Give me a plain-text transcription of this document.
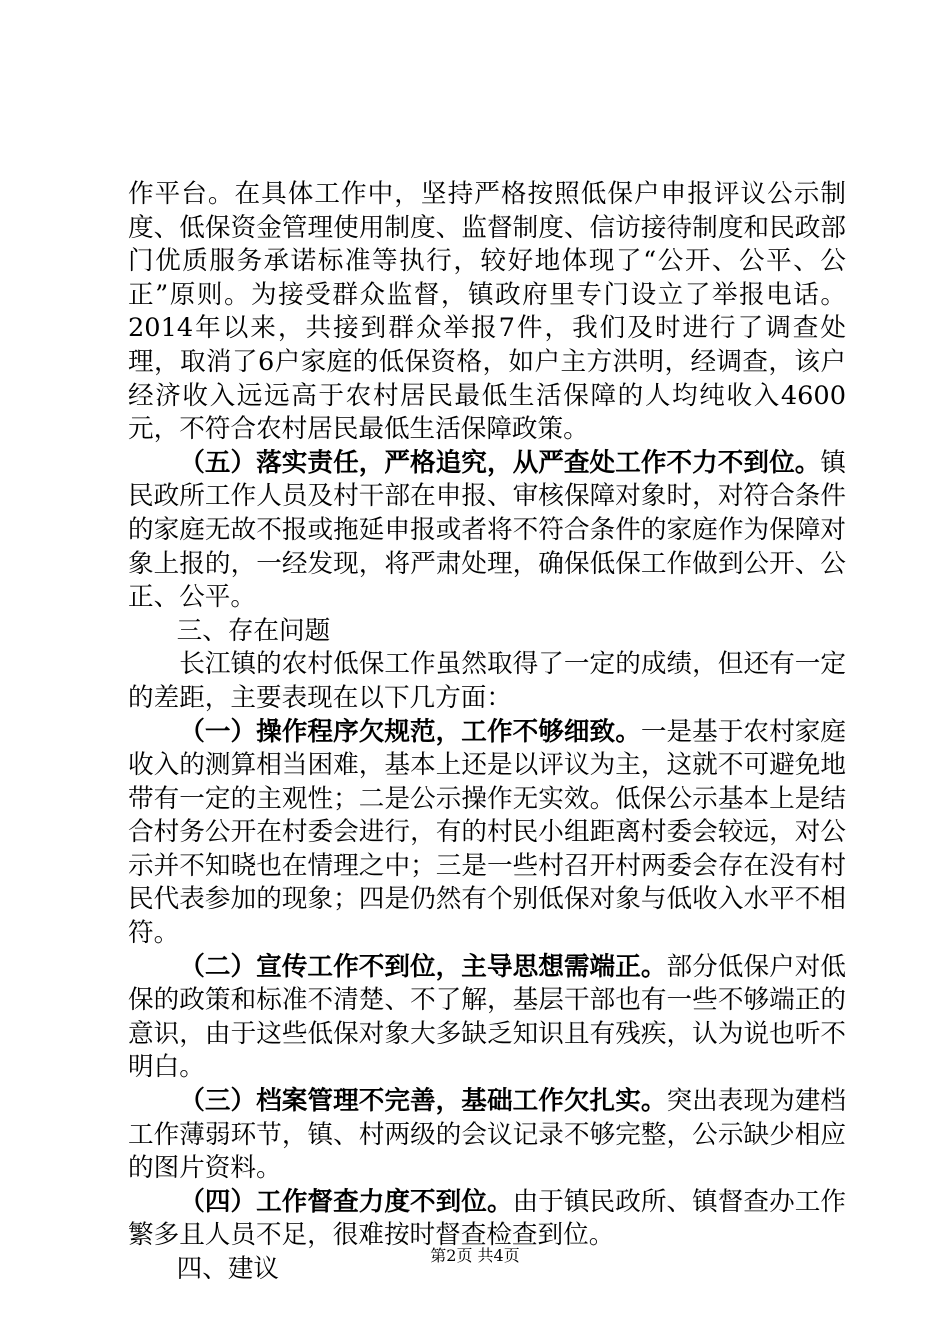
作平台。在具体工作中，坚持严格按照低保户申报评议公示制度、低保资金管理使用制度、监督制度、信访接待制度和民政部门优质服务承诺标准等执行，较好地体现了“公开、公平、公正”原则。为接受群众监督，镇政府里专门设立了举报电话。2014年以来，共接到群众举报7件，我们及时进行了调查处理，取消了6户家庭的低保资格，如户主方洪明，经调查，该户经济收入远远高于农村居民最低生活保障的人均纯收入4600元，不符合农村居民最低生活保障政策。

（五）落实责任，严格追究，从严查处工作不力不到位。镇民政所工作人员及村干部在申报、审核保障对象时，对符合条件的家庭无故不报或拖延申报或者将不符合条件的家庭作为保障对象上报的，一经发现，将严肃处理，确保低保工作做到公开、公正、公平。

三、存在问题

长江镇的农村低保工作虽然取得了一定的成绩，但还有一定的差距，主要表现在以下几方面：

（一）操作程序欠规范，工作不够细致。一是基于农村家庭收入的测算相当困难，基本上还是以评议为主，这就不可避免地带有一定的主观性；二是公示操作无实效。低保公示基本上是结合村务公开在村委会进行，有的村民小组距离村委会较远，对公示并不知晓也在情理之中；三是一些村召开村两委会存在没有村民代表参加的现象；四是仍然有个别低保对象与低收入水平不相符。

（二）宣传工作不到位，主导思想需端正。部分低保户对低保的政策和标准不清楚、不了解，基层干部也有一些不够端正的意识，由于这些低保对象大多缺乏知识且有残疾，认为说也听不明白。

（三）档案管理不完善，基础工作欠扎实。突出表现为建档工作薄弱环节，镇、村两级的会议记录不够完整，公示缺少相应的图片资料。

（四）工作督查力度不到位。由于镇民政所、镇督查办工作繁多且人员不足，很难按时督查检查到位。

四、建议	第2页 共4页
